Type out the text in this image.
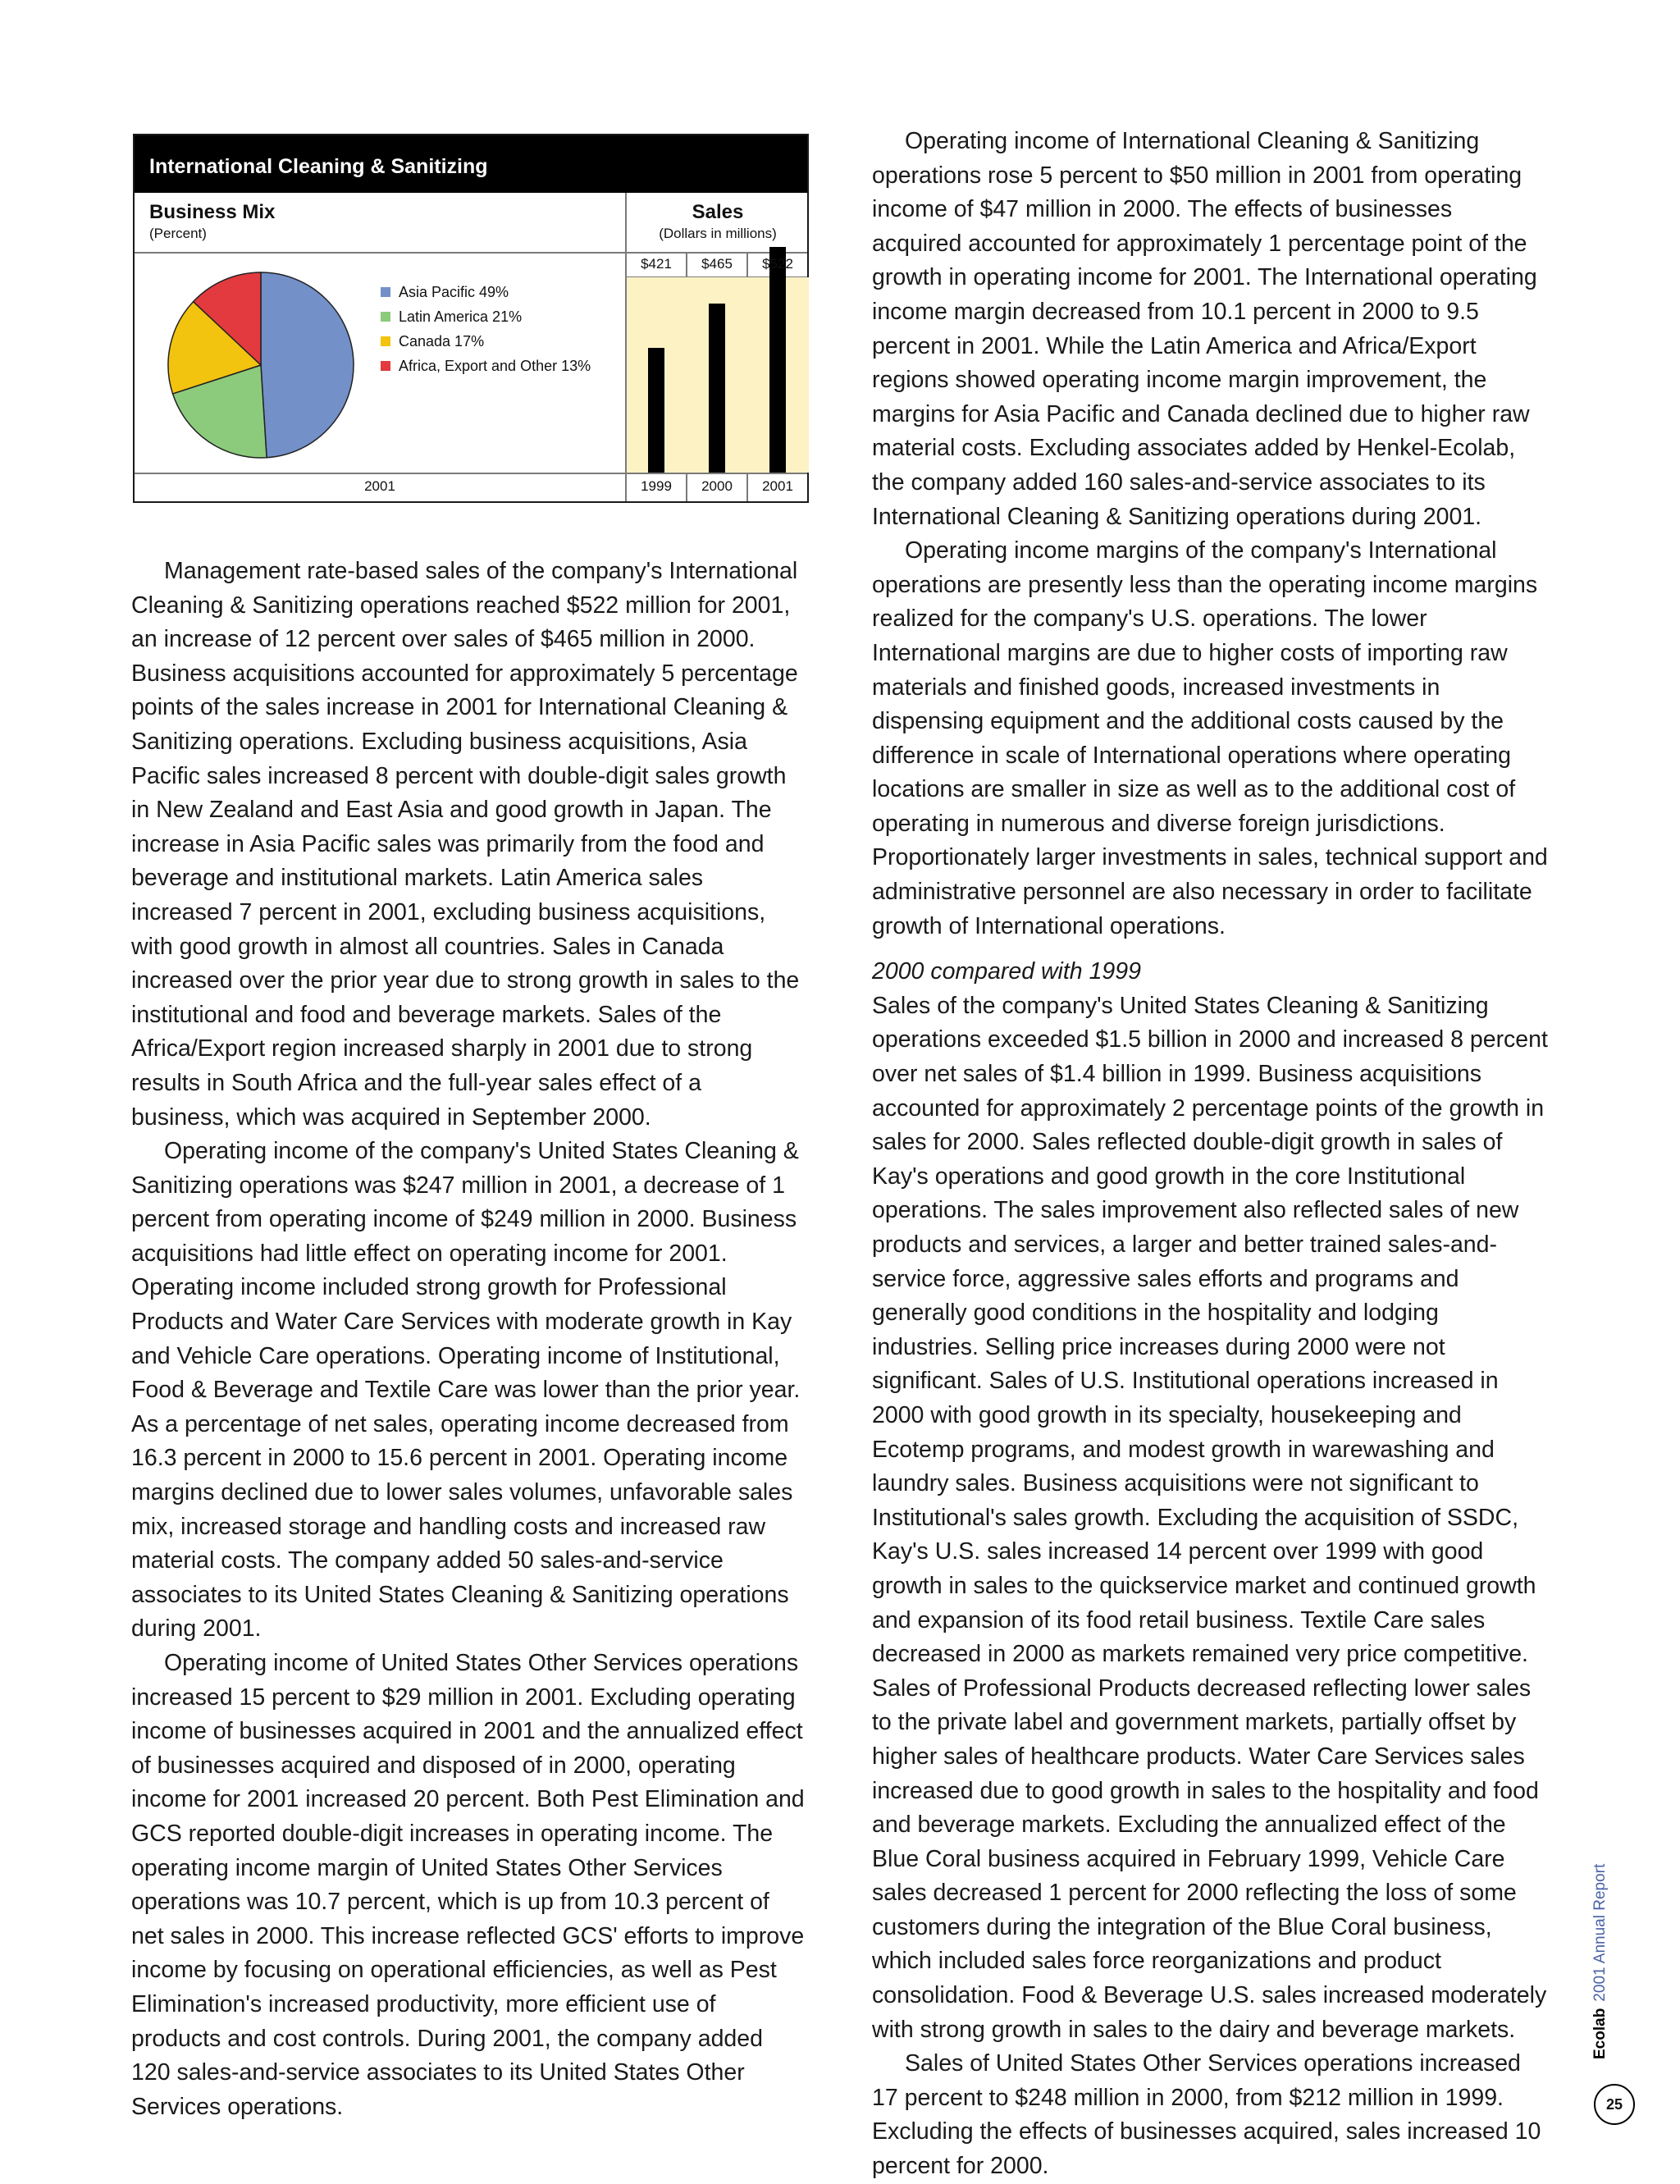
International Cleaning & Sanitizing
Business Mix
(Percent)
Sales
(Dollars in millions)
Asia Pacific 49%
Latin America 21%
Canada 17%
Africa, Export and Other 13%
2001
$421
1999
$465
2000
$522
2001

Management rate-based sales of the company's International Cleaning & Sanitizing operations reached $522 million for 2001, an increase of 12 percent over sales of $465 million in 2000. Business acquisitions accounted for approximately 5 percentage points of the sales increase in 2001 for International Cleaning & Sanitizing operations. Excluding business acquisitions, Asia Pacific sales increased 8 percent with double-digit sales growth in New Zealand and East Asia and good growth in Japan. The increase in Asia Pacific sales was primarily from the food and beverage and institutional markets. Latin America sales increased 7 percent in 2001, excluding business acquisitions, with good growth in almost all countries. Sales in Canada increased over the prior year due to strong growth in sales to the institutional and food and beverage markets. Sales of the Africa/Export region increased sharply in 2001 due to strong results in South Africa and the full-year sales effect of a business, which was acquired in September 2000.

Operating income of the company's United States Cleaning & Sanitizing operations was $247 million in 2001, a decrease of 1 percent from operating income of $249 million in 2000. Business acquisitions had little effect on operating income for 2001. Operating income included strong growth for Professional Products and Water Care Services with moderate growth in Kay and Vehicle Care operations. Operating income of Institutional, Food & Beverage and Textile Care was lower than the prior year. As a percentage of net sales, operating income decreased from 16.3 percent in 2000 to 15.6 percent in 2001. Operating income margins declined due to lower sales volumes, unfavorable sales mix, increased storage and handling costs and increased raw material costs. The company added 50 sales-and-service associates to its United States Cleaning & Sanitizing operations during 2001.

Operating income of United States Other Services operations increased 15 percent to $29 million in 2001. Excluding operating income of businesses acquired in 2001 and the annualized effect of businesses acquired and disposed of in 2000, operating income for 2001 increased 20 percent. Both Pest Elimination and GCS reported double-digit increases in operating income. The operating income margin of United States Other Services operations was 10.7 percent, which is up from 10.3 percent of net sales in 2000. This increase reflected GCS' efforts to improve income by focusing on operational efficiencies, as well as Pest Elimination's increased productivity, more efficient use of products and cost controls. During 2001, the company added 120 sales-and-service associates to its United States Other Services operations.

Operating income of International Cleaning & Sanitizing operations rose 5 percent to $50 million in 2001 from operating income of $47 million in 2000. The effects of businesses acquired accounted for approximately 1 percentage point of the growth in operating income for 2001. The International operating income margin decreased from 10.1 percent in 2000 to 9.5 percent in 2001. While the Latin America and Africa/Export regions showed operating income margin improvement, the margins for Asia Pacific and Canada declined due to higher raw material costs. Excluding associates added by Henkel-Ecolab, the company added 160 sales-and-service associates to its International Cleaning & Sanitizing operations during 2001.

Operating income margins of the company's International operations are presently less than the operating income margins realized for the company's U.S. operations. The lower International margins are due to higher costs of importing raw materials and finished goods, increased investments in dispensing equipment and the additional costs caused by the difference in scale of International operations where operating locations are smaller in size as well as to the additional cost of operating in numerous and diverse foreign jurisdictions. Proportionately larger investments in sales, technical support and administrative personnel are also necessary in order to facilitate growth of International operations.

2000 compared with 1999

Sales of the company's United States Cleaning & Sanitizing operations exceeded $1.5 billion in 2000 and increased 8 percent over net sales of $1.4 billion in 1999. Business acquisitions accounted for approximately 2 percentage points of the growth in sales for 2000. Sales reflected double-digit growth in sales of Kay's operations and good growth in the core Institutional operations. The sales improvement also reflected sales of new products and services, a larger and better trained sales-and-service force, aggressive sales efforts and programs and generally good conditions in the hospitality and lodging industries. Selling price increases during 2000 were not significant. Sales of U.S. Institutional operations increased in 2000 with good growth in its specialty, housekeeping and Ecotemp programs, and modest growth in warewashing and laundry sales. Business acquisitions were not significant to Institutional's sales growth. Excluding the acquisition of SSDC, Kay's U.S. sales increased 14 percent over 1999 with good growth in sales to the quickservice market and continued growth and expansion of its food retail business. Textile Care sales decreased in 2000 as markets remained very price competitive. Sales of Professional Products decreased reflecting lower sales to the private label and government markets, partially offset by higher sales of healthcare products. Water Care Services sales increased due to good growth in sales to the hospitality and food and beverage markets. Excluding the annualized effect of the Blue Coral business acquired in February 1999, Vehicle Care sales decreased 1 percent for 2000 reflecting the loss of some customers during the integration of the Blue Coral business, which included sales force reorganizations and product consolidation. Food & Beverage U.S. sales increased moderately with strong growth in sales to the dairy and beverage markets.

Sales of United States Other Services operations increased 17 percent to $248 million in 2000, from $212 million in 1999. Excluding the effects of businesses acquired, sales increased 10 percent for 2000.

Ecolab2001 Annual Report
25
